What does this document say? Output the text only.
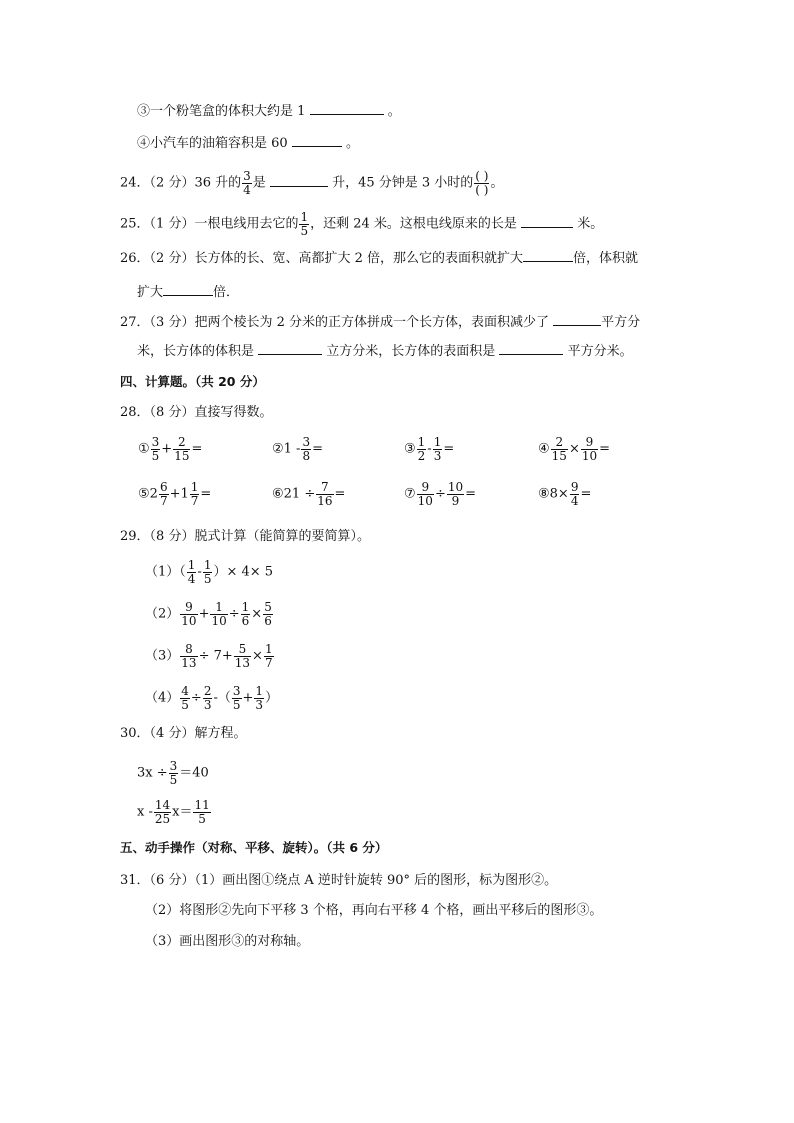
③一个粉笔盒的体积大约是 1	。
④小汽车的油箱容积是 60	。
24．（2 分）36 升的 $\frac{3}{4}$ 是	升，45 分钟是 3 小时的 ( )
( ) 。
25．（1 分）一根电线用去它的 $\frac{1}{5}$ ，还剩 24 米。这根电线原来的长是	米。
26．（2 分）长方体的长、宽、高都扩大 2 倍，那么它的表面积就扩大	倍，体积就
扩大	倍．
27．（3 分）把两个棱长为 2 分米的正方体拼成一个长方体，表面积减少了	平方分
米，长方体的体积是	立方分米，长方体的表面积是	平方分米。
四、计算题。（共 20 分）
28．（8 分）直接写得数。
① $\frac{3}{5} + \frac{2}{15}$ =	②1 - $\frac{3}{8}$ =	③ $\frac{1}{2} - \frac{1}{3}$ =	④ $\frac{2}{15} \times \frac{9}{10}$ =
⑤2 $\frac{6}{7} +1 \frac{1}{7}$ =	⑥21 ÷ $\frac{7}{16}$ =	⑦ $\frac{9}{10} \div \frac{10}{9}$ =	⑧8× $\frac{9}{4}$ =
29．（8 分）脱式计算（能简算的要简算）。
$(1)( \frac{1}{4} - \frac{1}{5}$ ）× 4× 5
$(2) \frac{9}{10} + \frac{1}{10} \div \frac{1}{6} \times \frac{5}{6}$
$(3) \frac{8}{13} \div 7+ \frac{5}{13} \times \frac{1}{7}$
$(4) \frac{4}{5} \div \frac{2}{3}$ -（ $\frac{3}{5} + \frac{1}{3}$ ）
30．（4 分）解方程。
$3x \div \frac{3}{5} =40$
$x - \frac{14}{25} x= \frac{11}{5}$
五、动手操作（对称、平移、旋转）。（共 6 分）
31．（6 分）（1）画出图①绕点 A 逆时针旋转 90° 后的图形，标为图形②。
（2）将图形②先向下平移 3 个格，再向右平移 4 个格，画出平移后的图形③。
（3）画出图形③的对称轴。
